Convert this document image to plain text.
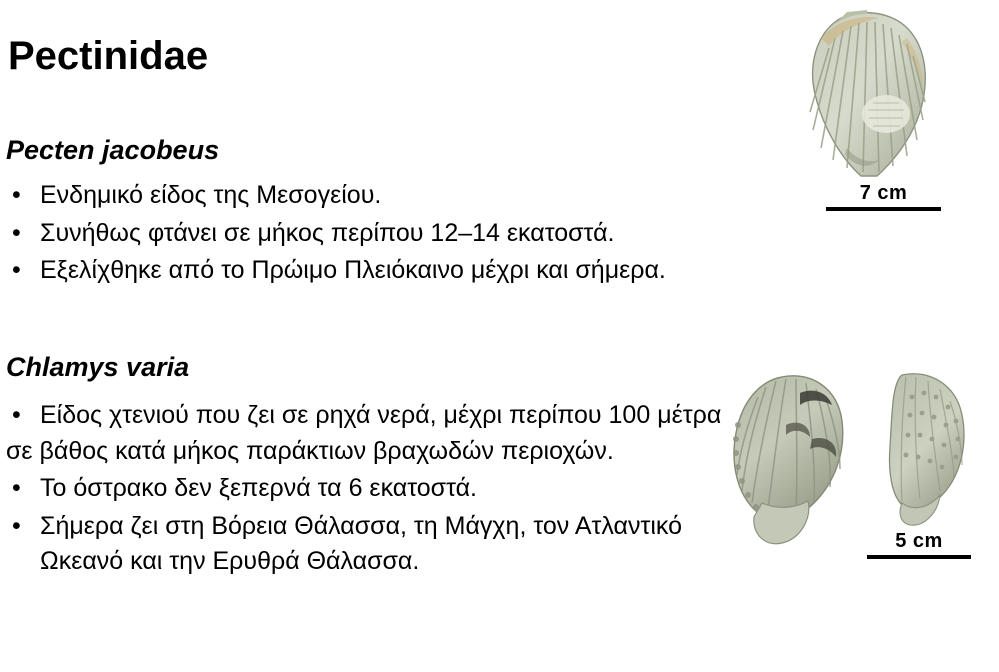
Pectinidae
Pecten jacobeus
• Ενδημικό είδος της Μεσογείου.
• Συνήθως φτάνει σε μήκος περίπου 12–14 εκατοστά.
• Εξελίχθηκε από το Πρώιμο Πλειόκαινο μέχρι και σήμερα.
Chlamys varia
• Είδος χτενιού που ζει σε ρηχά νερά, μέχρι περίπου 100 μέτρα σε βάθος κατά μήκος παράκτιων βραχωδών περιοχών.
• Το όστρακο δεν ξεπερνά τα 6 εκατοστά.
• Σήμερα ζει στη Βόρεια Θάλασσα, τη Μάγχη, τον Ατλαντικό Ωκεανό και την Ερυθρά Θάλασσα.
7 cm
5 cm
